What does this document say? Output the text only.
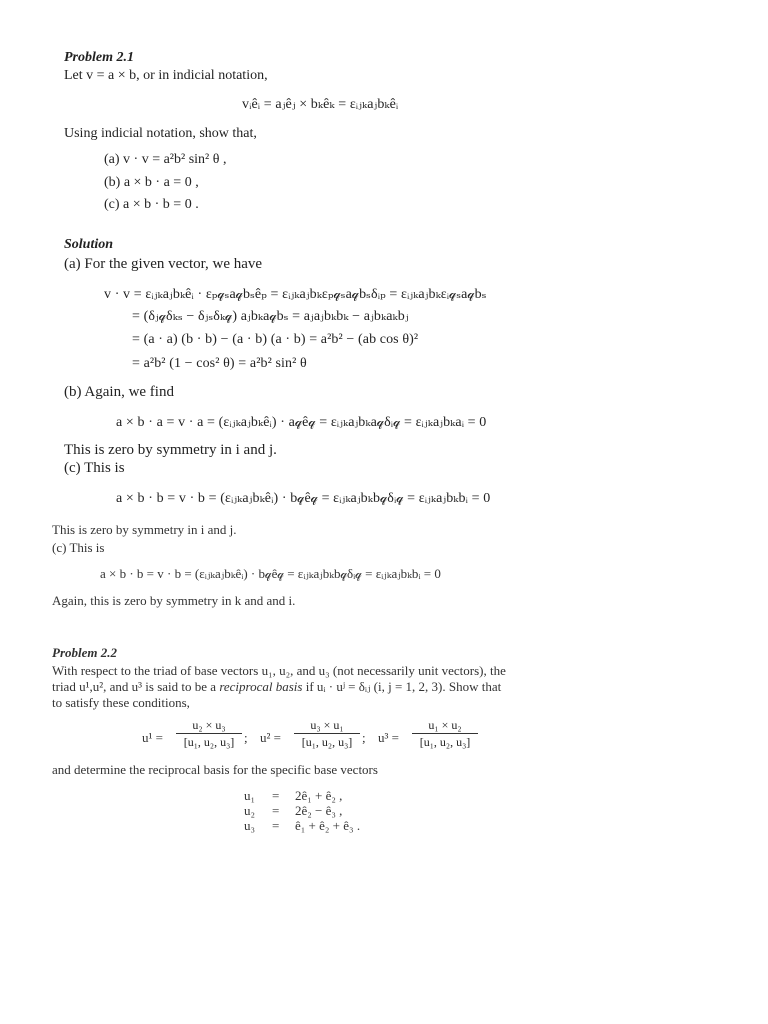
Problem 2.1
Let v = a × b, or in indicial notation,
vᵢêᵢ = aⱼêⱼ × bₖêₖ = εᵢⱼₖaⱼbₖêᵢ
Using indicial notation, show that,
(a) v · v = a²b² sin² θ ,
(b) a × b · a = 0 ,
(c) a × b · b = 0 .
Solution
(a) For the given vector, we have
v · v = εᵢⱼₖaⱼbₖêᵢ · εₚ𝓆ₛa𝓆bₛêₚ = εᵢⱼₖaⱼbₖεₚ𝓆ₛa𝓆bₛδᵢₚ = εᵢⱼₖaⱼbₖεᵢ𝓆ₛa𝓆bₛ
= (δⱼ𝓆δₖₛ − δⱼₛδₖ𝓆) aⱼbₖa𝓆bₛ = aⱼaⱼbₖbₖ − aⱼbₖaₖbⱼ
= (a · a) (b · b) − (a · b) (a · b) = a²b² − (ab cos θ)²
= a²b² (1 − cos² θ) = a²b² sin² θ
(b) Again, we find
a × b · a = v · a = (εᵢⱼₖaⱼbₖêᵢ) · a𝓆ê𝓆 = εᵢⱼₖaⱼbₖa𝓆δᵢ𝓆 = εᵢⱼₖaⱼbₖaᵢ = 0
This is zero by symmetry in i and j.
(c) This is
a × b · b = v · b = (εᵢⱼₖaⱼbₖêᵢ) · b𝓆ê𝓆 = εᵢⱼₖaⱼbₖb𝓆δᵢ𝓆 = εᵢⱼₖaⱼbₖbᵢ = 0
This is zero by symmetry in i and j.
(c) This is
a × b · b = v · b = (εᵢⱼₖaⱼbₖêᵢ) · b𝓆ê𝓆 = εᵢⱼₖaⱼbₖb𝓆δᵢ𝓆 = εᵢⱼₖaⱼbₖbᵢ = 0
Again, this is zero by symmetry in k and and i.
Problem 2.2
With respect to the triad of base vectors u₁, u₂, and u₃ (not necessarily unit vectors), the
triad u¹,u², and u³ is said to be a reciprocal basis if uᵢ · uʲ = δᵢⱼ (i, j = 1, 2, 3). Show that
to satisfy these conditions,
u¹ =
u₂ × u₃
[u₁, u₂, u₃] ; u² =
u₃ × u₁
[u₁, u₂, u₃] ; u³ =
u₁ × u₂
[u₁, u₂, u₃]
and determine the reciprocal basis for the specific base vectors
u₁ = 2ê₁ + ê₂ ,
u₂ = 2ê₂ − ê₃ ,
u₃ = ê₁ + ê₂ + ê₃ .
